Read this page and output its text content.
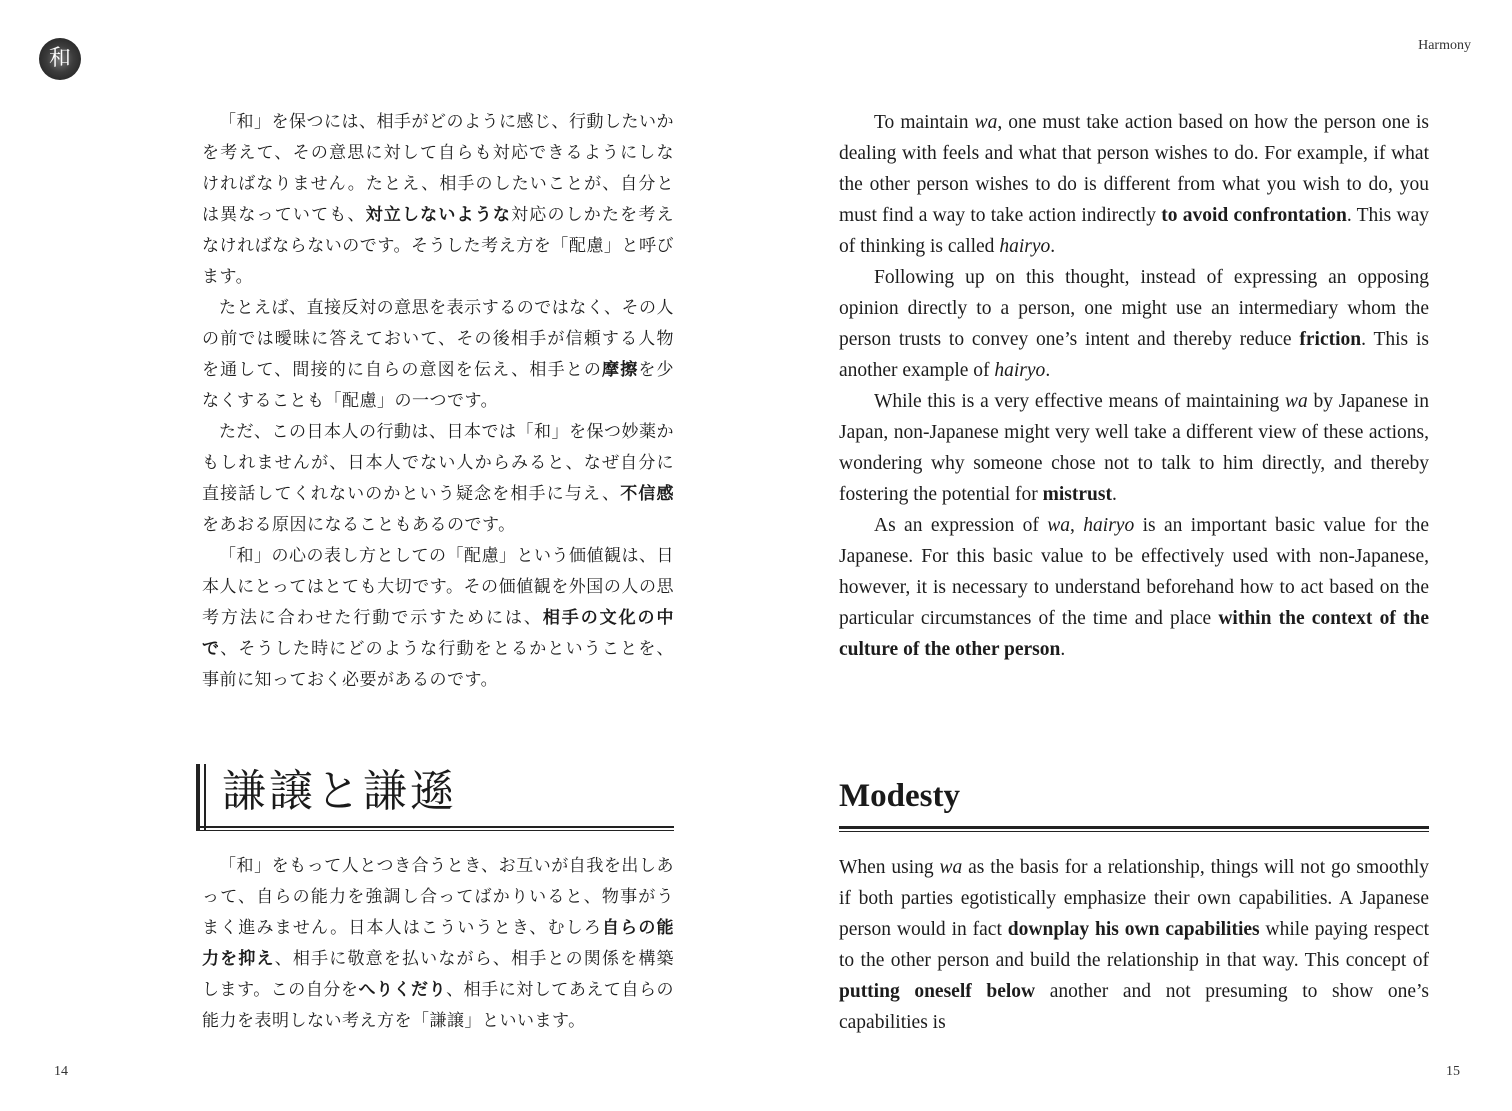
和
Harmony

「和」を保つには、相手がどのように感じ、行動したいかを考えて、その意思に対して自らも対応できるようにしなければなりません。たとえ、相手のしたいことが、自分とは異なっていても、対立しないような対応のしかたを考えなければならないのです。そうした考え方を「配慮」と呼びます。

たとえば、直接反対の意思を表示するのではなく、その人の前では曖昧に答えておいて、その後相手が信頼する人物を通して、間接的に自らの意図を伝え、相手との摩擦を少なくすることも「配慮」の一つです。

ただ、この日本人の行動は、日本では「和」を保つ妙薬かもしれませんが、日本人でない人からみると、なぜ自分に直接話してくれないのかという疑念を相手に与え、不信感をあおる原因になることもあるのです。

「和」の心の表し方としての「配慮」という価値観は、日本人にとってはとても大切です。その価値観を外国の人の思考方法に合わせた行動で示すためには、相手の文化の中で、そうした時にどのような行動をとるかということを、事前に知っておく必要があるのです。

謙譲と謙遜

「和」をもって人とつき合うとき、お互いが自我を出しあって、自らの能力を強調し合ってばかりいると、物事がうまく進みません。日本人はこういうとき、むしろ自らの能力を抑え、相手に敬意を払いながら、相手との関係を構築します。この自分をへりくだり、相手に対してあえて自らの能力を表明しない考え方を「謙譲」といいます。

To maintain wa, one must take action based on how the person one is dealing with feels and what that person wishes to do. For example, if what the other person wishes to do is different from what you wish to do, you must find a way to take action indirectly to avoid confrontation. This way of thinking is called hairyo.

Following up on this thought, instead of expressing an opposing opinion directly to a person, one might use an intermediary whom the person trusts to convey one’s intent and thereby reduce friction. This is another example of hairyo.

While this is a very effective means of maintaining wa by Japanese in Japan, non-Japanese might very well take a different view of these actions, wondering why someone chose not to talk to him directly, and thereby fostering the potential for mistrust.

As an expression of wa, hairyo is an important basic value for the Japanese. For this basic value to be effectively used with non-Japanese, however, it is necessary to understand beforehand how to act based on the particular circumstances of the time and place within the context of the culture of the other person.

Modesty

When using wa as the basis for a relationship, things will not go smoothly if both parties egotistically emphasize their own capabilities. A Japanese person would in fact downplay his own capabilities while paying respect to the other person and build the relationship in that way. This concept of putting oneself below another and not presuming to show one’s capabilities is

14	15
